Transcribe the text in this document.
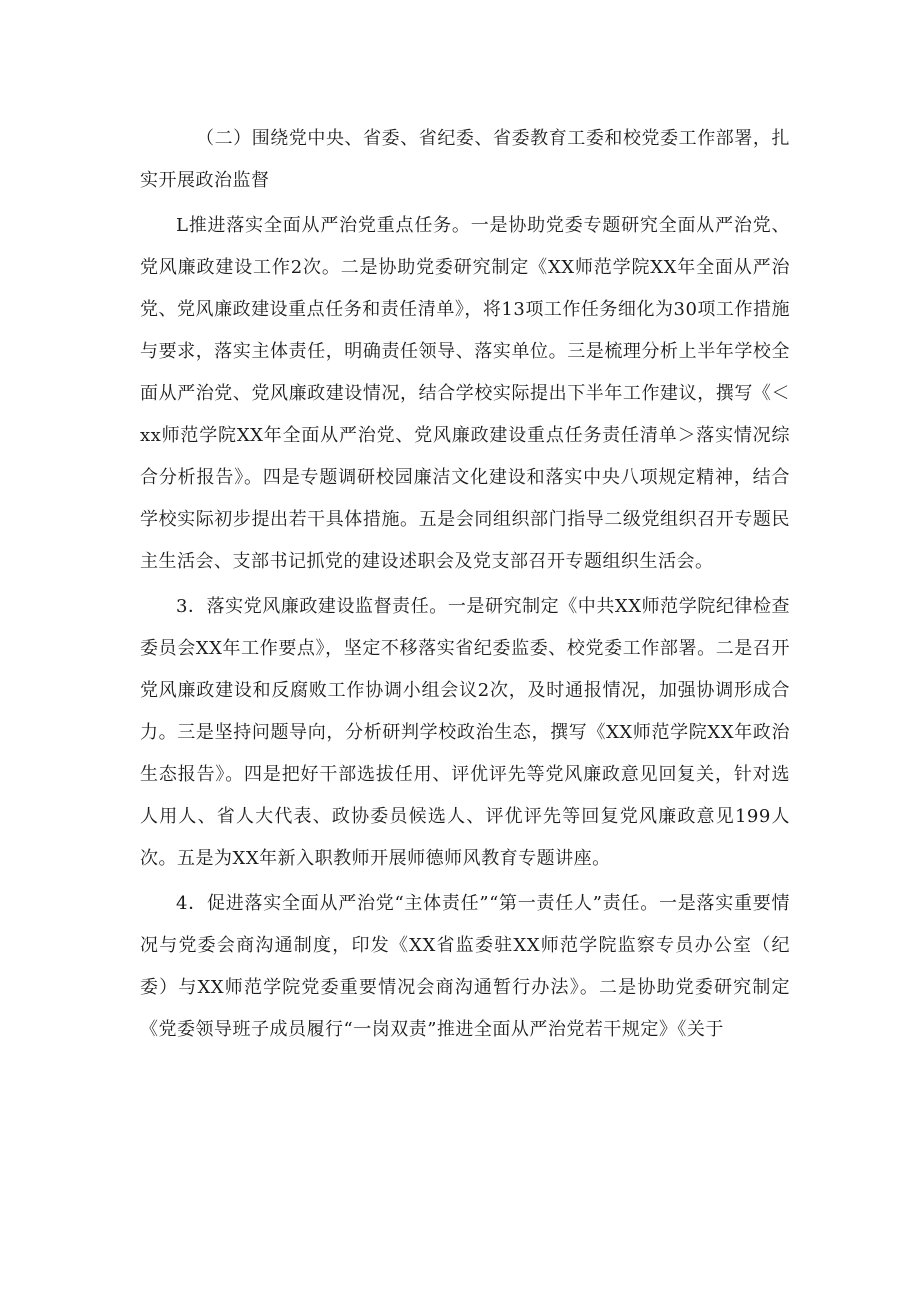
（二）围绕党中央、省委、省纪委、省委教育工委和校党委工作部署，扎实开展政治监督

L推进落实全面从严治党重点任务。一是协助党委专题研究全面从严治党、党风廉政建设工作2次。二是协助党委研究制定《XX师范学院XX年全面从严治党、党风廉政建设重点任务和责任清单》，将13项工作任务细化为30项工作措施与要求，落实主体责任，明确责任领导、落实单位。三是梳理分析上半年学校全面从严治党、党风廉政建设情况，结合学校实际提出下半年工作建议，撰写《＜xx师范学院XX年全面从严治党、党风廉政建设重点任务责任清单＞落实情况综合分析报告》。四是专题调研校园廉洁文化建设和落实中央八项规定精神，结合学校实际初步提出若干具体措施。五是会同组织部门指导二级党组织召开专题民主生活会、支部书记抓党的建设述职会及党支部召开专题组织生活会。

3．落实党风廉政建设监督责任。一是研究制定《中共XX师范学院纪律检查委员会XX年工作要点》，坚定不移落实省纪委监委、校党委工作部署。二是召开党风廉政建设和反腐败工作协调小组会议2次，及时通报情况，加强协调形成合力。三是坚持问题导向，分析研判学校政治生态，撰写《XX师范学院XX年政治生态报告》。四是把好干部选拔任用、评优评先等党风廉政意见回复关，针对选人用人、省人大代表、政协委员候选人、评优评先等回复党风廉政意见199人次。五是为XX年新入职教师开展师德师风教育专题讲座。

4．促进落实全面从严治党“主体责任”“第一责任人”责任。一是落实重要情况与党委会商沟通制度，印发《XX省监委驻XX师范学院监察专员办公室（纪委）与XX师范学院党委重要情况会商沟通暂行办法》。二是协助党委研究制定《党委领导班子成员履行“一岗双责”推进全面从严治党若干规定》《关于
